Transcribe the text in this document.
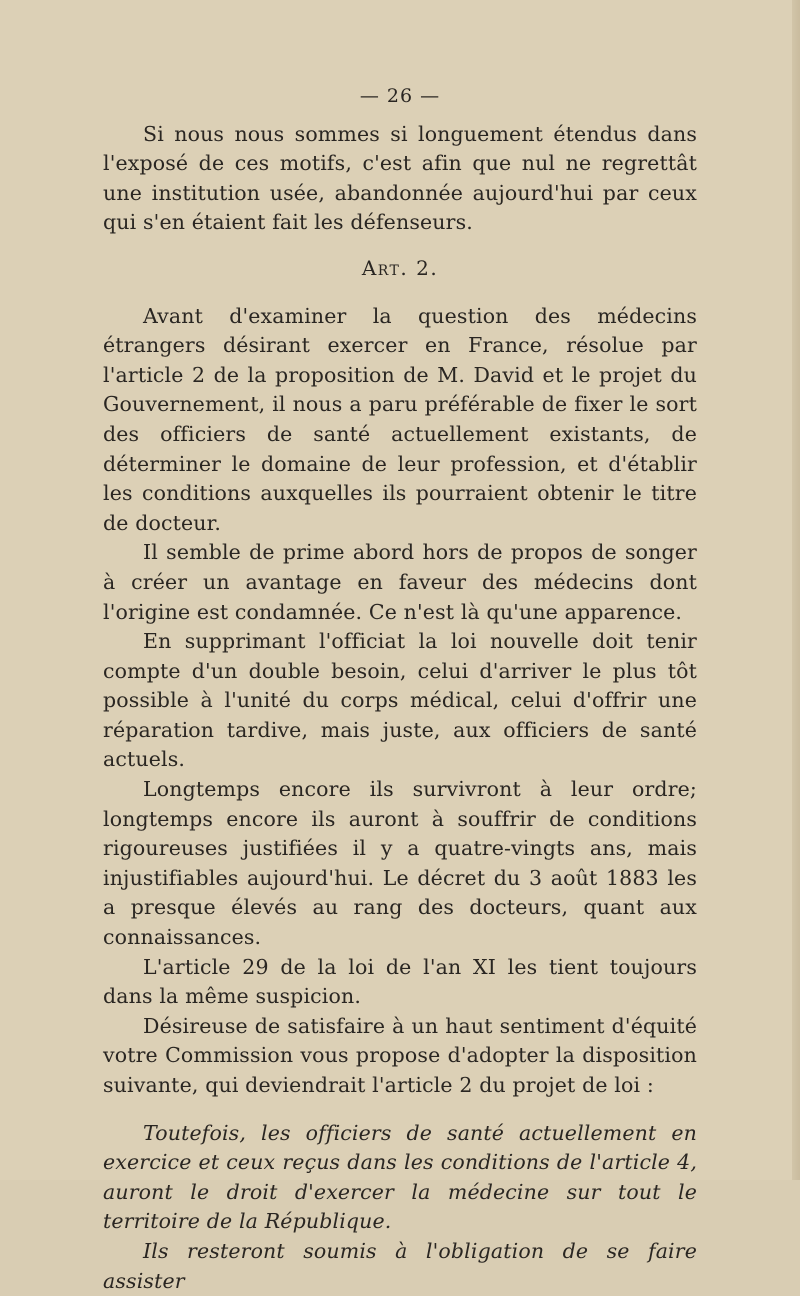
— 26 —

Si nous nous sommes si longuement étendus dans l'exposé de ces motifs, c'est afin que nul ne regrettât une institution usée, abandonnée aujourd'hui par ceux qui s'en étaient fait les défenseurs.

Art. 2.

Avant d'examiner la question des médecins étrangers désirant exercer en France, résolue par l'article 2 de la proposition de M. David et le projet du Gouvernement, il nous a paru préférable de fixer le sort des officiers de santé actuellement existants, de déterminer le domaine de leur profession, et d'établir les conditions auxquelles ils pourraient obtenir le titre de docteur.

Il semble de prime abord hors de propos de songer à créer un avantage en faveur des médecins dont l'origine est condamnée. Ce n'est là qu'une apparence.

En supprimant l'officiat la loi nouvelle doit tenir compte d'un double besoin, celui d'arriver le plus tôt possible à l'unité du corps médical, celui d'offrir une réparation tardive, mais juste, aux officiers de santé actuels.

Longtemps encore ils survivront à leur ordre; longtemps encore ils auront à souffrir de conditions rigoureuses justifiées il y a quatre-vingts ans, mais injustifiables aujourd'hui. Le décret du 3 août 1883 les a presque élevés au rang des docteurs, quant aux connaissances.

L'article 29 de la loi de l'an XI les tient toujours dans la même suspicion.

Désireuse de satisfaire à un haut sentiment d'équité votre Commission vous propose d'adopter la disposition suivante, qui deviendrait l'article 2 du projet de loi :

Toutefois, les officiers de santé actuellement en exercice et ceux reçus dans les conditions de l'article 4, auront le droit d'exercer la médecine sur tout le territoire de la République.

Ils resteront soumis à l'obligation de se faire assister
